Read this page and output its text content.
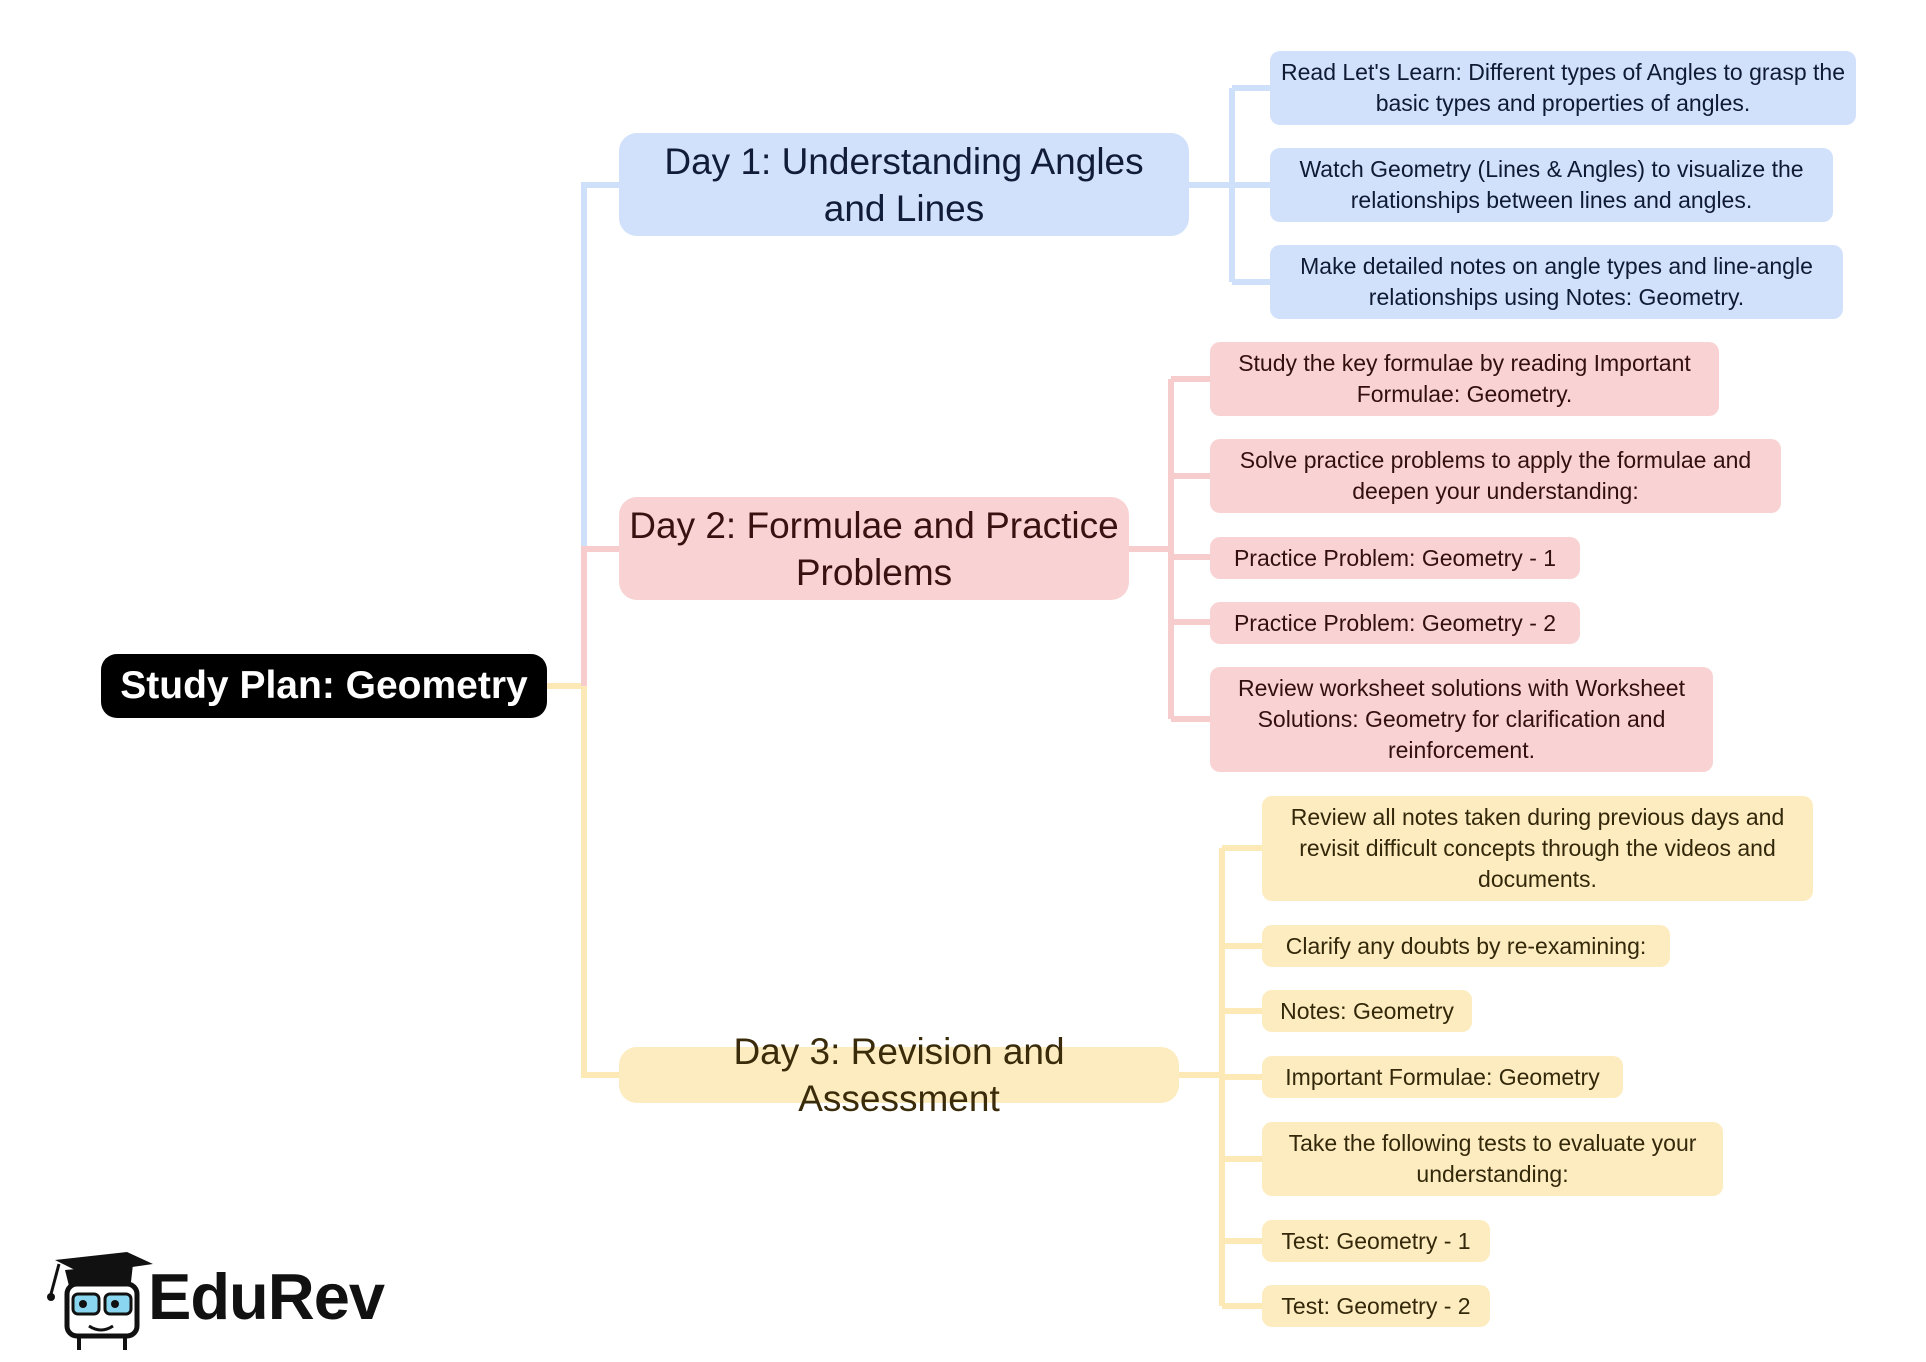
Study Plan: Geometry
Day 1: Understanding Angles and Lines
Day 2: Formulae and Practice Problems
Day 3: Revision and Assessment
Read Let's Learn: Different types of Angles to grasp the basic types and properties of angles.
Watch Geometry (Lines & Angles) to visualize the relationships between lines and angles.
Make detailed notes on angle types and line-angle relationships using Notes: Geometry.
Study the key formulae by reading Important Formulae: Geometry.
Solve practice problems to apply the formulae and deepen your understanding:
Practice Problem: Geometry - 1
Practice Problem: Geometry - 2
Review worksheet solutions with Worksheet Solutions: Geometry for clarification and reinforcement.
Review all notes taken during previous days and revisit difficult concepts through the videos and documents.
Clarify any doubts by re-examining:
Notes: Geometry
Important Formulae: Geometry
Take the following tests to evaluate your understanding:
Test: Geometry - 1
Test: Geometry - 2
EduRev
